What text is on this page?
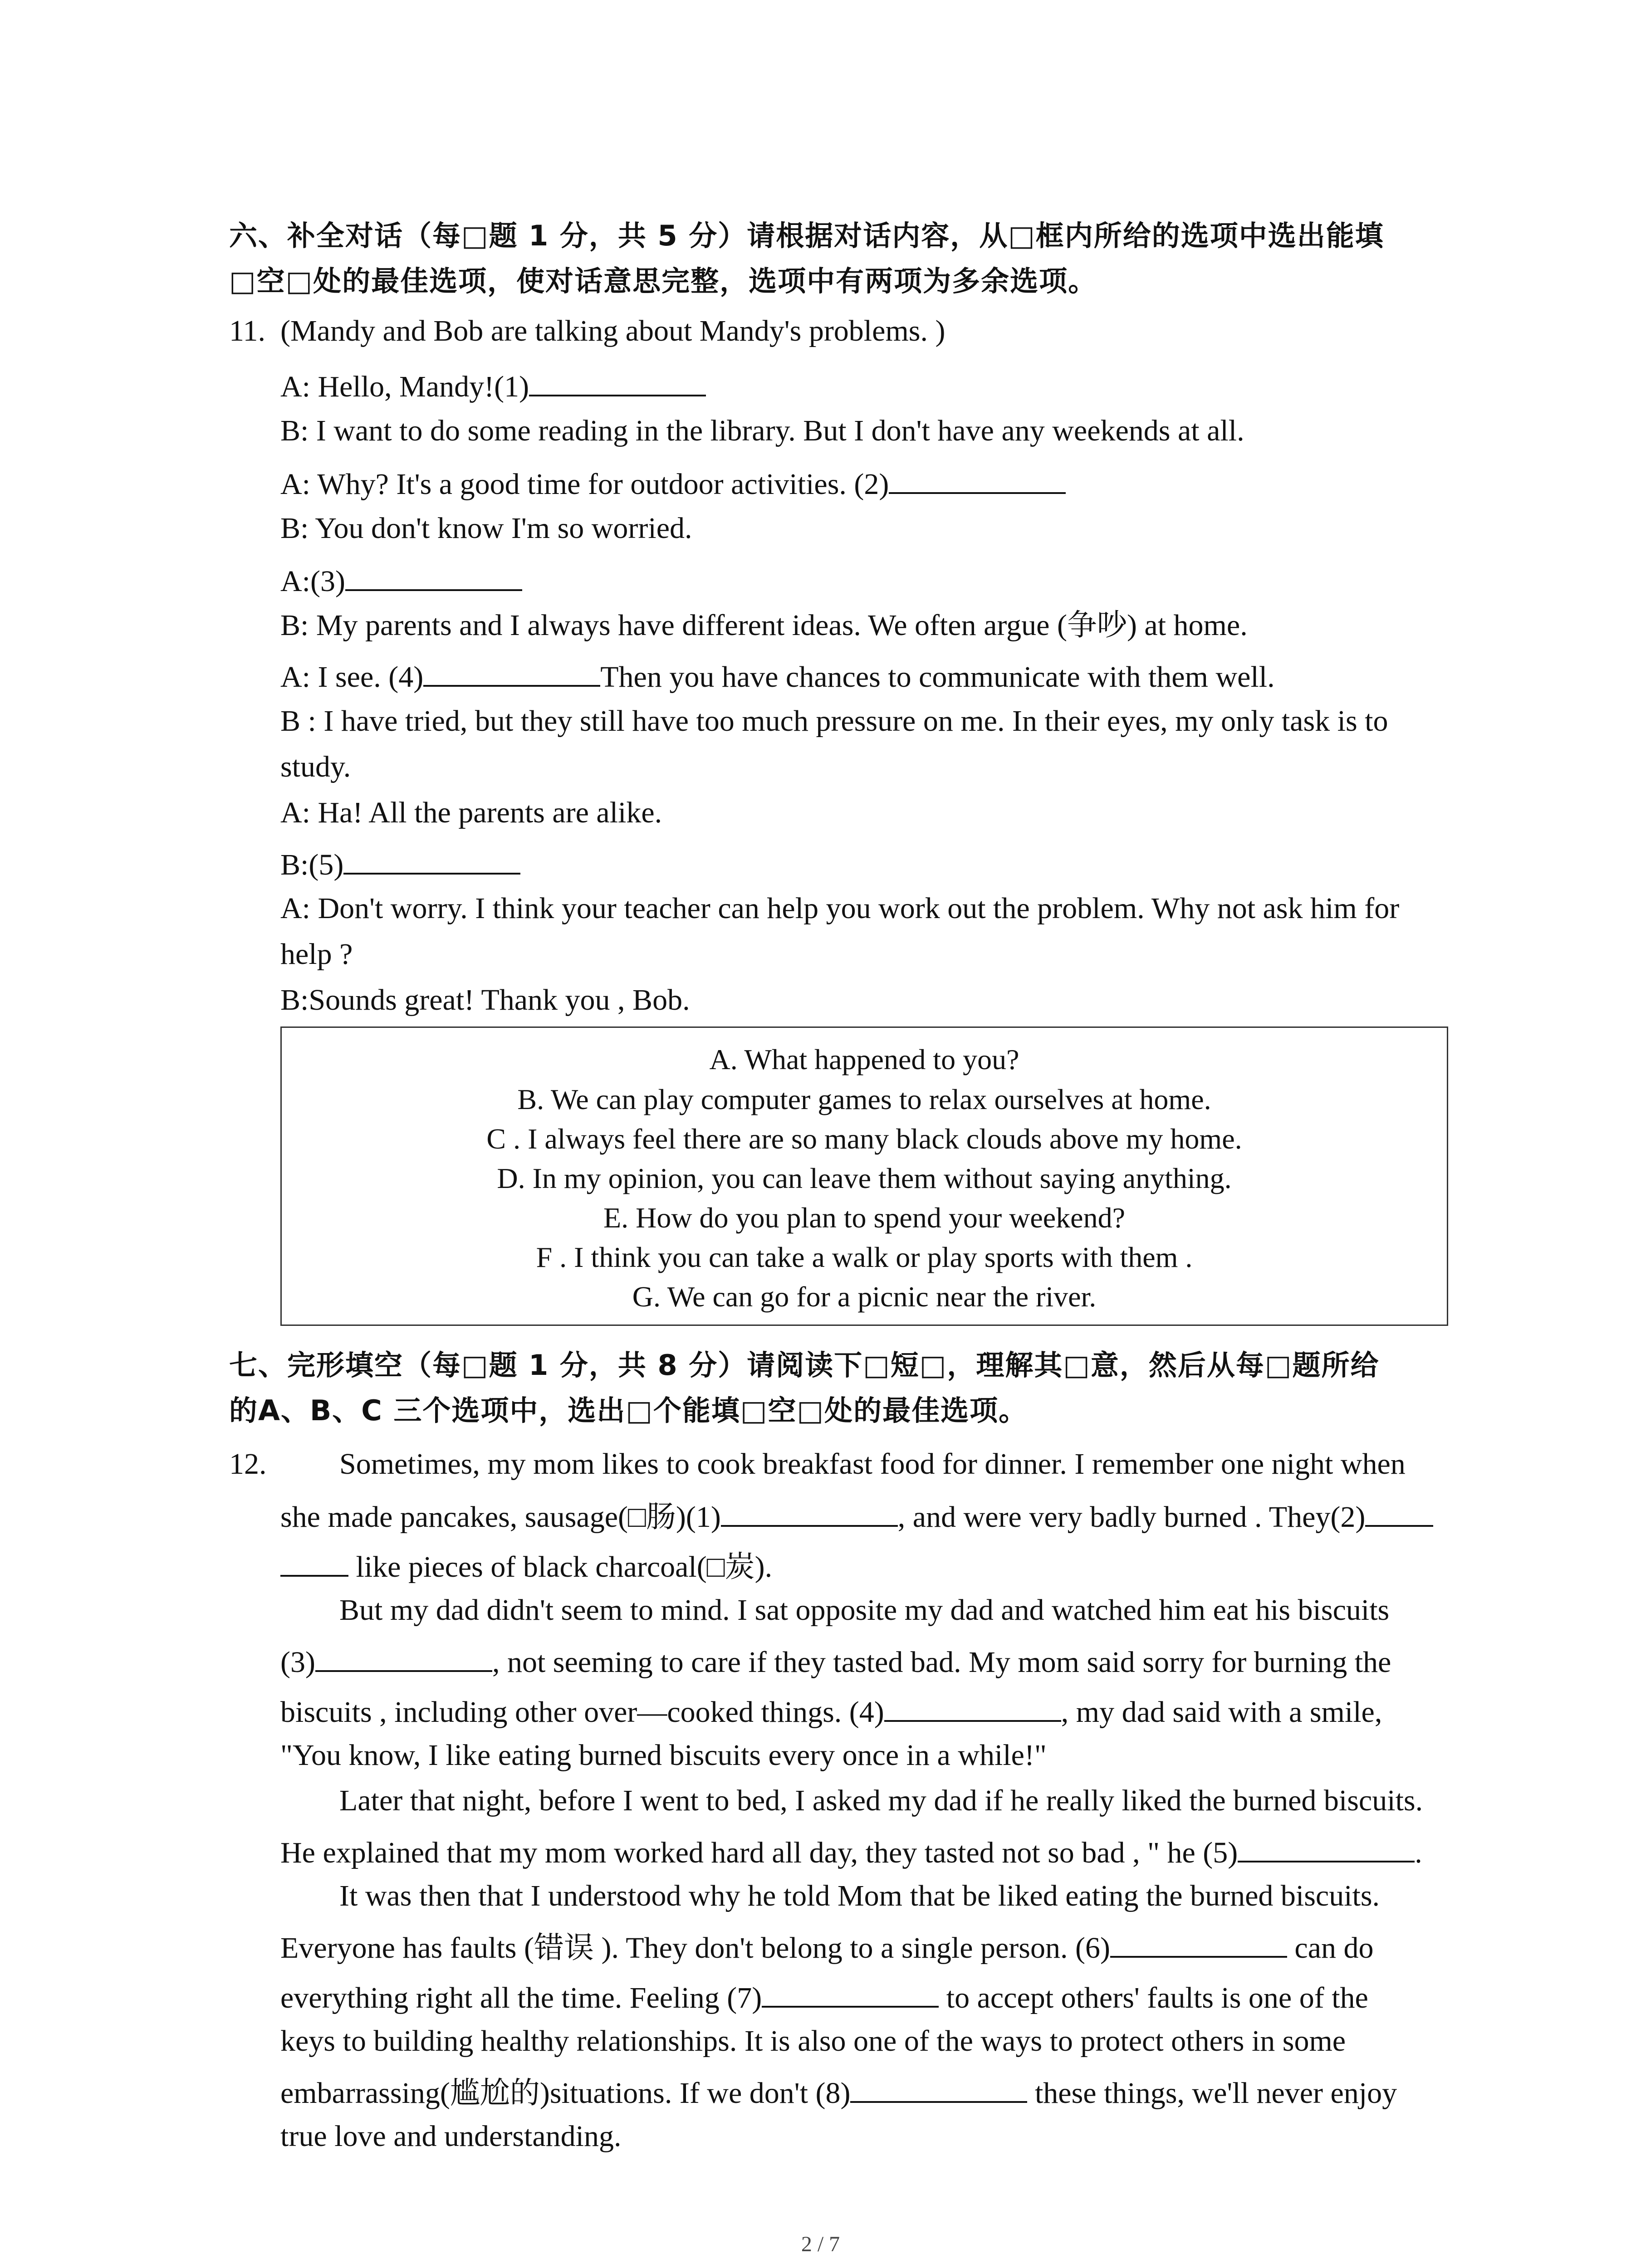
六、补全对话（每□题 1 分，共 5 分）请根据对话内容，从□框内所给的选项中选出能填
□空□处的最佳选项，使对话意思完整，选项中有两项为多余选项。
11. (Mandy and Bob are talking about Mandy's problems. )
A: Hello, Mandy!(1)
B: I want to do some reading in the library. But I don't have any weekends at all.
A: Why? It's a good time for outdoor activities. (2)
B: You don't know I'm so worried.
A:(3)
B: My parents and I always have different ideas. We often argue (争吵) at home.
A: I see. (4)	Then you have chances to communicate with them well.
B : I have tried, but they still have too much pressure on me. In their eyes, my only task is to
study.
A: Ha! All the parents are alike.
B:(5)
A: Don't worry. I think your teacher can help you work out the problem. Why not ask him for
help ?
B:Sounds great! Thank you , Bob.
A. What happened to you?
B. We can play computer games to relax ourselves at home.
C . I always feel there are so many black clouds above my home.
D. In my opinion, you can leave them without saying anything.
E. How do you plan to spend your weekend?
F . I think you can take a walk or play sports with them .
G. We can go for a picnic near the river.
七、完形填空（每□题 1 分，共 8 分）请阅读下□短□，理解其□意，然后从每□题所给
的A、B、C 三个选项中，选出□个能填□空□处的最佳选项。
12. Sometimes, my mom likes to cook breakfast food for dinner. I remember one night when
she made pancakes, sausage(□肠)(1)	, and were very badly burned . They(2)
like pieces of black charcoal(□炭).
But my dad didn't seem to mind. I sat opposite my dad and watched him eat his biscuits
(3)	, not seeming to care if they tasted bad. My mom said sorry for burning the
biscuits , including other over—cooked things. (4)	, my dad said with a smile,
"You know, I like eating burned biscuits every once in a while!"
Later that night, before I went to bed, I asked my dad if he really liked the burned biscuits.
He explained that my mom worked hard all day, they tasted not so bad , " he (5)	.
It was then that I understood why he told Mom that be liked eating the burned biscuits.
Everyone has faults (错误 ). They don't belong to a single person. (6)	can do
everything right all the time. Feeling (7)	to accept others' faults is one of the
keys to building healthy relationships. It is also one of the ways to protect others in some
embarrassing(尴尬的)situations. If we don't (8)	these things, we'll never enjoy
true love and understanding.
2 / 7
